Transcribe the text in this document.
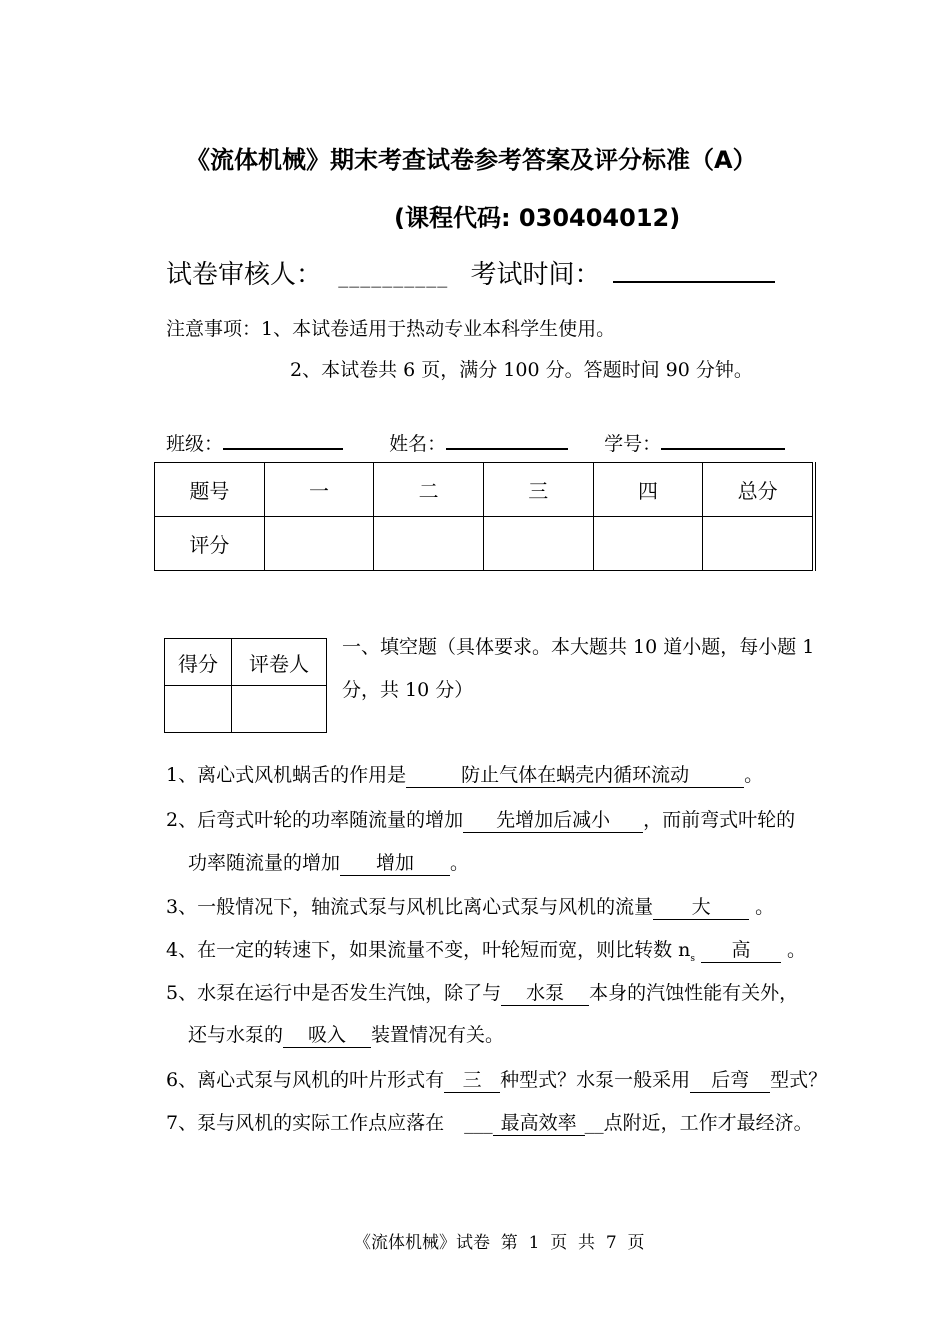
《流体机械》期末考查试卷参考答案及评分标准（A）
(课程代码: 030404012)
试卷审核人： __________ 考试时间：
注意事项：1、本试卷适用于热动专业本科学生使用。
2、本试卷共 6 页，满分 100 分。答题时间 90 分钟。
班级：	姓名：	学号：
题号	一	二	三	四	总分
评分					
得分	评卷人

一、填空题（具体要求。本大题共 10 道小题，每小题 1
分，共 10 分）
1、离心式风机蜗舌的作用是	防止气体在蜗壳内循环流动	。
2、后弯式叶轮的功率随流量的增加 先增加后减小 ，而前弯式叶轮的
功率随流量的增加 增加 。
3、一般情况下，轴流式泵与风机比离心式泵与风机的流量 大 。
4、在一定的转速下，如果流量不变，叶轮短而宽，则比转数 $n_s$ 高 。
5、水泵在运行中是否发生汽蚀，除了与 水泵 本身的汽蚀性能有关外，
还与水泵的 吸入 装置情况有关。
6、离心式泵与风机的叶片形式有 三 种型式？水泵一般采用 后弯 型式？
7、泵与风机的实际工作点应落在 ___ 最高效率 __点附近，工作才最经济。
《流体机械》试卷  第  1  页  共  7  页
